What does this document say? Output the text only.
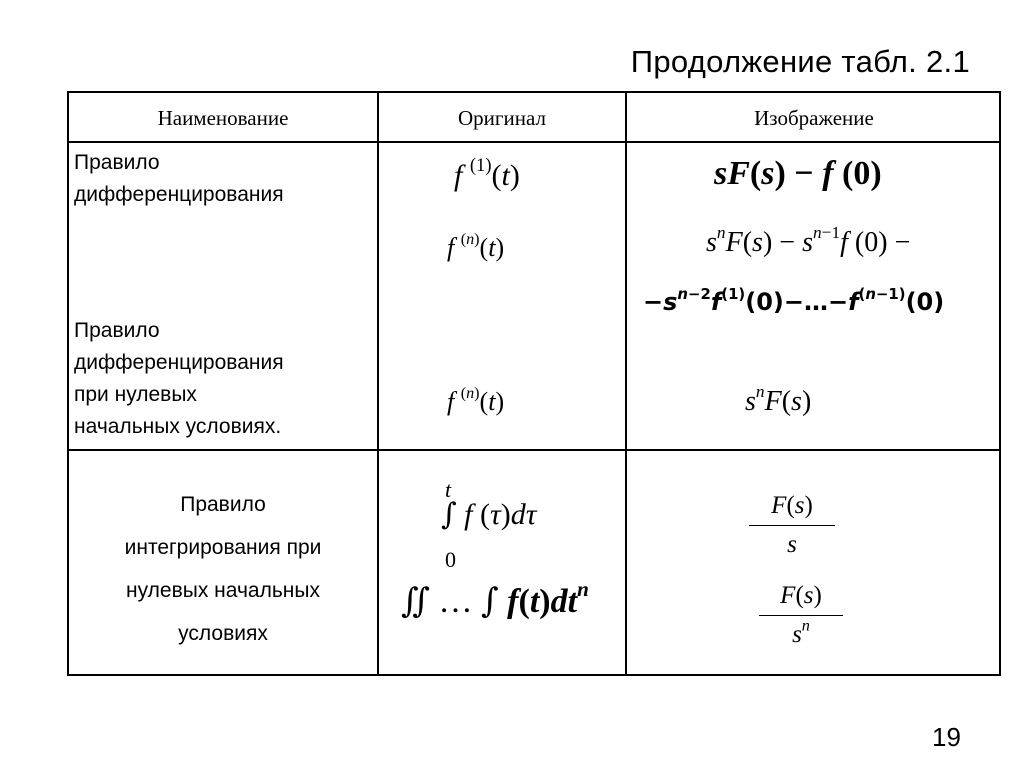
Продолжение табл. 2.1
Наименование	Оригинал	Изображение
Правило
дифференцирования
Правило
дифференцирования
при нулевых
начальных условиях.
f $^{(1)}$(t)
f $^{(n)}$(t)
f $^{(n)}$(t)
sF(s) − f (0)
$s^nF(s) - s^{n-1}f$ (0) −
$-s^{n-2}f^{(1)}(0)-\dots-f^{(n-1)}(0)$
$s^nF(s)$
Правило
интегрирования при
нулевых начальных
условиях
t
∫ f (τ)dτ
0
∬ … ∫ $f(t)dt^n$
F(s)
s
F(s)
$s^n$
19
